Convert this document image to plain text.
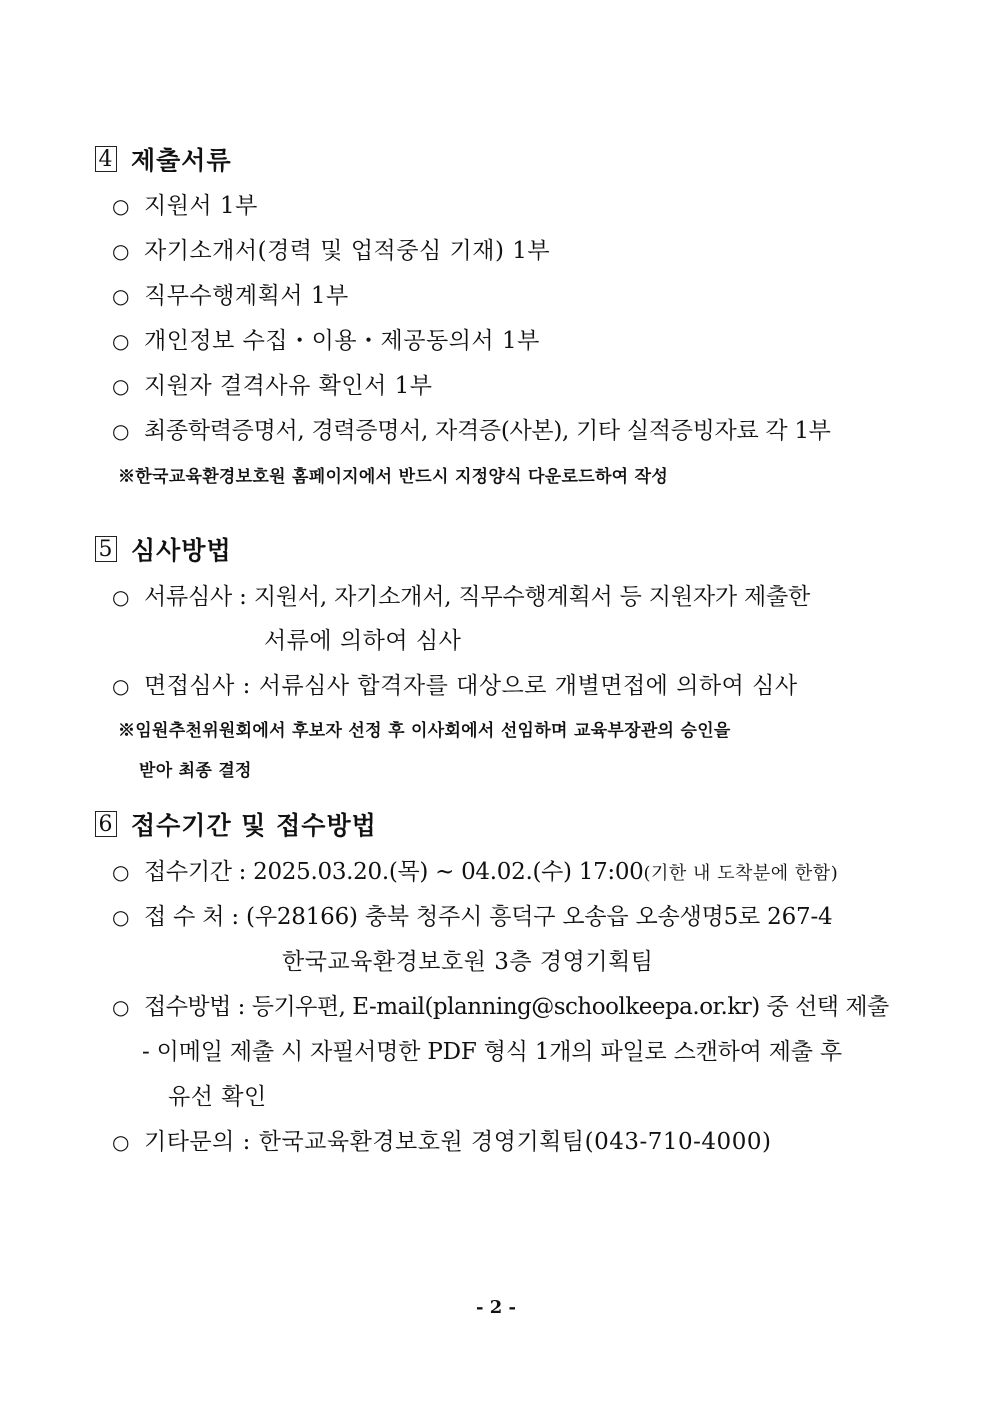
4 제출서류
○ 지원서 1부
○ 자기소개서(경력 및 업적중심 기재) 1부
○ 직무수행계획서 1부
○ 개인정보 수집・이용・제공동의서 1부
○ 지원자 결격사유 확인서 1부
○ 최종학력증명서, 경력증명서, 자격증(사본), 기타 실적증빙자료 각 1부
※한국교육환경보호원 홈페이지에서 반드시 지정양식 다운로드하여 작성
5 심사방법
○ 서류심사 : 지원서, 자기소개서, 직무수행계획서 등 지원자가 제출한
서류에 의하여 심사
○ 면접심사 : 서류심사 합격자를 대상으로 개별면접에 의하여 심사
※임원추천위원회에서 후보자 선정 후 이사회에서 선임하며 교육부장관의 승인을
받아 최종 결정
6 접수기간 및 접수방법
○ 접수기간 : 2025.03.20.(목) ~ 04.02.(수) 17:00(기한 내 도착분에 한함)
○ 접 수 처 : (우28166) 충북 청주시 흥덕구 오송읍 오송생명5로 267-4
한국교육환경보호원 3층 경영기획팀
○ 접수방법 : 등기우편, E-mail(planning@schoolkeepa.or.kr) 중 선택 제출
- 이메일 제출 시 자필서명한 PDF 형식 1개의 파일로 스캔하여 제출 후
유선 확인
○ 기타문의 : 한국교육환경보호원 경영기획팀(043-710-4000)
- 2 -
